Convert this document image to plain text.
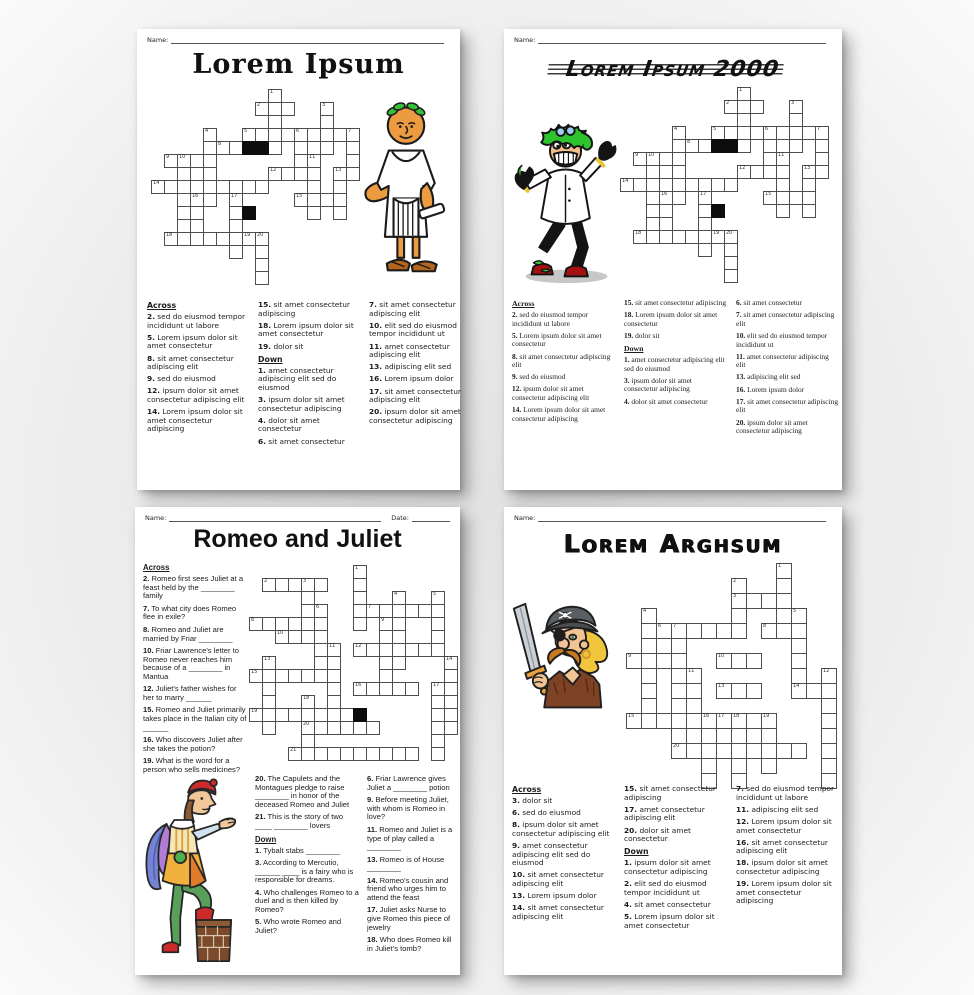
Name:
Lorem Ipsum
1
2	3
4	5	6	7
8
9 10	11
12	13
14
15
16	17
18	19 20
Across
2. sed do eiusmod tempor incididunt ut labore
5. Lorem ipsum dolor sit amet consectetur
8. sit amet consectetur adipiscing elit
9. sed do eiusmod
12. ipsum dolor sit amet consectetur adipiscing elit
14. Lorem ipsum dolor sit amet consectetur adipiscing
15. sit amet consectetur adipiscing
18. Lorem ipsum dolor sit amet consectetur
19. dolor sit
Down
1. amet consectetur adipiscing elit sed do eiusmod
3. ipsum dolor sit amet consectetur adipiscing
4. dolor sit amet consectetur
6. sit amet consectetur
7. sit amet consectetur adipiscing elit
10. elit sed do eiusmod tempor incididunt ut
11. amet consectetur adipiscing elit
13. adipiscing elit sed
16. Lorem ipsum dolor
17. sit amet consectetur adipiscing elit
20. ipsum dolor sit amet consectetur adipiscing
Name:
Lorem Ipsum 2000
1
2	3
4	5	6	7
8
9 10	11
12	13
14
15
16	17
18	19 20
Across
2. sed do eiusmod tempor incididunt ut labore
5. Lorem ipsum dolor sit amet consectetur
8. sit amet consectetur adipiscing elit
9. sed do eiusmod
12. ipsum dolor sit amet consectetur adipiscing elit
14. Lorem ipsum dolor sit amet consectetur adipiscing
15. sit amet consectetur adipiscing
18. Lorem ipsum dolor sit amet consectetur
19. dolor sit
Down
1. amet consectetur adipiscing elit sed do eiusmod
3. ipsum dolor sit amet consectetur adipiscing
4. dolor sit amet consectetur
6. sit amet consectetur
7. sit amet consectetur adipiscing elit
10. elit sed do eiusmod tempor incididunt ut
11. amet consectetur adipiscing elit
13. adipiscing elit sed
16. Lorem ipsum dolor
17. sit amet consectetur adipiscing elit
20. ipsum dolor sit amet consectetur adipiscing
Name:	Date:
Romeo and Juliet
Across
2. Romeo first sees Juliet at a feast held by the ________ family
7. To what city does Romeo flee in exile?
8. Romeo and Juliet are married by Friar ________
10. Friar Lawrence's letter to Romeo never reaches him because of a ________ in Mantua
12. Juliet's father wishes for her to marry ______
15. Romeo and Juliet primarily takes place in the Italian city of ______
16. Who discovers Juliet after she takes the potion?
19. What is the word for a person who sells medicines?
1
2	3
4	5
6	7
8	9
10
11	12
13	14
15
16	17
18
20
19
21
20. The Capulets and the Montagues pledge to raise ________ in honor of the deceased Romeo and Juliet
21. This is the story of two ____ ________ lovers
Down
1. Tybalt stabs ________
3. According to Mercutio, ______ ____ is a fairy who is responsible for dreams.
4. Who challenges Romeo to a duel and is then killed by Romeo?
5. Who wrote Romeo and Juliet?
6. Friar Lawrence gives Juliet a ________ potion
9. Before meeting Juliet, with whom is Romeo in love?
11. Romeo and Juliet is a type of play called a ________
13. Romeo is of House ________
14. Romeo's cousin and friend who urges him to attend the feast
17. Juliet asks Nurse to give Romeo this piece of jewelry
18. Who does Romeo kill in Juliet's tomb?
Name:
Lorem Arghsum
1
2
3
4	5
14
6 7	8
9	10
11	12
13
15	16 17 18	19
20
Across
3. dolor sit
6. sed do eiusmod
8. ipsum dolor sit amet consectetur adipiscing elit
9. amet consectetur adipiscing elit sed do eiusmod
10. sit amet consectetur adipiscing elit
13. Lorem ipsum dolor
14. sit amet consectetur adipiscing elit
15. sit amet consectetur adipiscing
17. amet consectetur adipiscing elit
20. dolor sit amet consectetur
Down
1. ipsum dolor sit amet consectetur adipiscing
2. elit sed do eiusmod tempor incididunt ut
4. sit amet consectetur
5. Lorem ipsum dolor sit amet consectetur
7. sed do eiusmod tempor incididunt ut labore
11. adipiscing elit sed
12. Lorem ipsum dolor sit amet consectetur
16. sit amet consectetur adipiscing elit
18. ipsum dolor sit amet consectetur adipiscing
19. Lorem ipsum dolor sit amet consectetur adipiscing
